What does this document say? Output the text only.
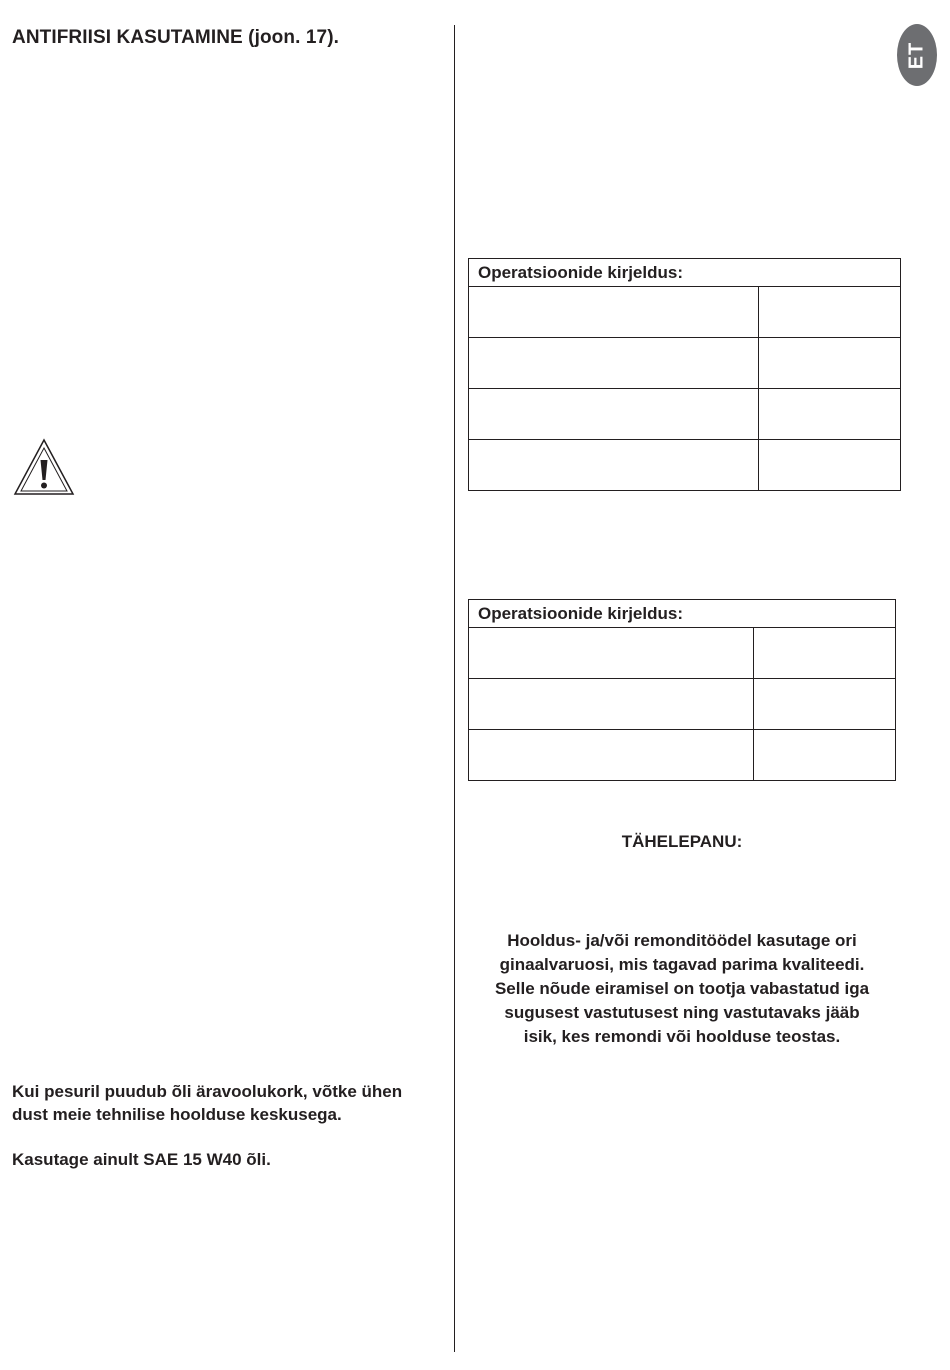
ANTIFRIISI KASUTAMINE (joon. 17).
ET
Operatsioonide kirjeldus:	

Operatsioonide kirjeldus:	

TÄHELEPANU:
Hooldus- ja/või remonditöödel kasutage ori
ginaalvaruosi, mis tagavad parima kvaliteedi.
Selle nõude eiramisel on tootja vabastatud iga
sugusest vastutusest ning vastutavaks jääb
isik, kes remondi või hoolduse teostas.
Kui pesuril puudub õli äravoolukork, võtke ühen
dust meie tehnilise hoolduse keskusega.
Kasutage ainult SAE 15 W40 õli.
